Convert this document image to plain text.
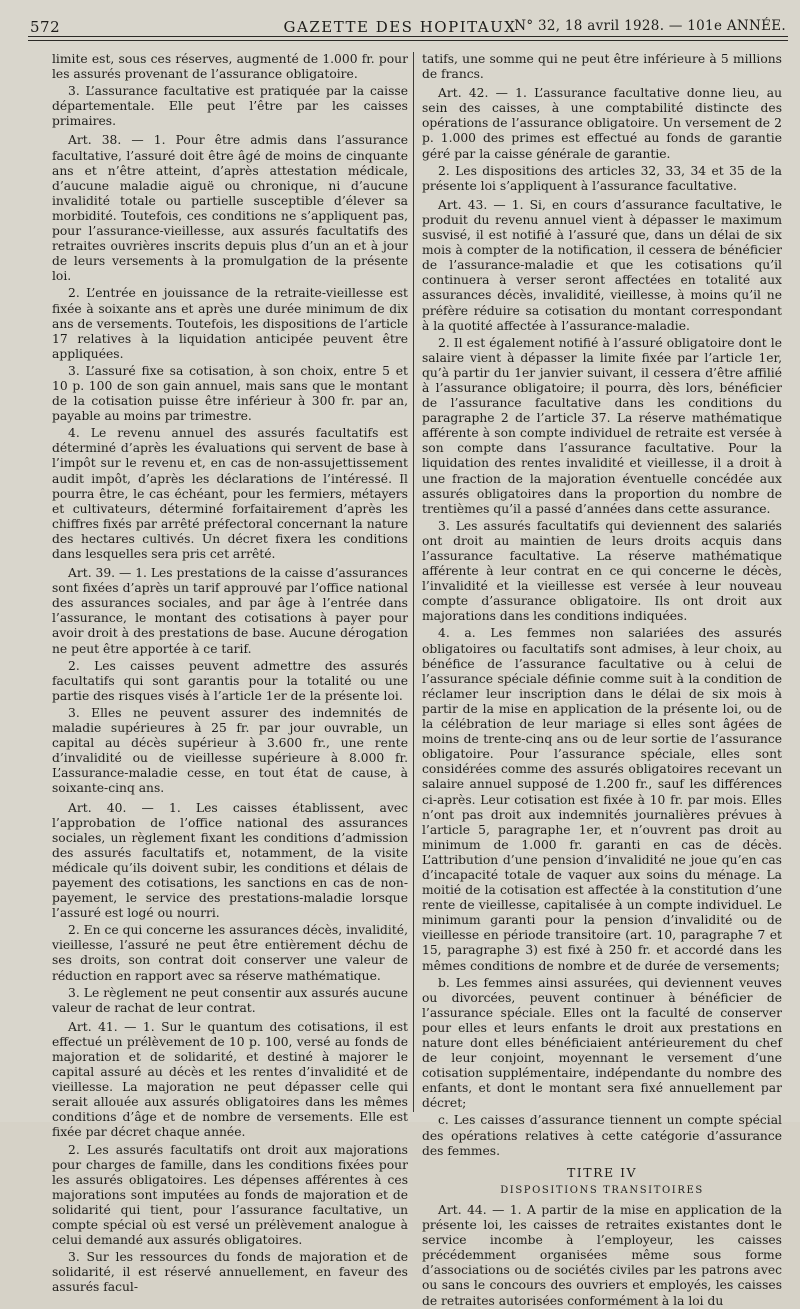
572	GAZETTE DES HOPITAUX
N° 32, 18 avril 1928. — 101e ANNÉE.

limite est, sous ces réserves, augmenté de 1.000 fr. pour les assurés provenant de l’assurance obligatoire.

3. L’assurance facultative est pratiquée par la caisse départementale. Elle peut l’être par les caisses primaires.

Art. 38. — 1. Pour être admis dans l’assurance facultative, l’assuré doit être âgé de moins de cinquante ans et n’être atteint, d’après attestation médicale, d’aucune maladie aiguë ou chronique, ni d’aucune invalidité totale ou partielle susceptible d’élever sa morbidité. Toutefois, ces conditions ne s’appliquent pas, pour l’assurance-vieillesse, aux assurés facultatifs des retraites ouvrières inscrits depuis plus d’un an et à jour de leurs versements à la promulgation de la présente loi.

2. L’entrée en jouissance de la retraite-vieillesse est fixée à soixante ans et après une durée minimum de dix ans de versements. Toutefois, les dispositions de l’article 17 relatives à la liquidation anticipée peuvent être appliquées.

3. L’assuré fixe sa cotisation, à son choix, entre 5 et 10 p. 100 de son gain annuel, mais sans que le montant de la cotisation puisse être inférieur à 300 fr. par an, payable au moins par trimestre.

4. Le revenu annuel des assurés facultatifs est déterminé d’après les évaluations qui servent de base à l’impôt sur le revenu et, en cas de non-assujettissement audit impôt, d’après les déclarations de l’intéressé. Il pourra être, le cas échéant, pour les fermiers, métayers et cultivateurs, déterminé forfaitairement d’après les chiffres fixés par arrêté préfectoral concernant la nature des hectares cultivés. Un décret fixera les conditions dans lesquelles sera pris cet arrêté.

Art. 39. — 1. Les prestations de la caisse d’assurances sont fixées d’après un tarif approuvé par l’office national des assurances sociales, and par âge à l’entrée dans l’assurance, le montant des cotisations à payer pour avoir droit à des prestations de base. Aucune dérogation ne peut être apportée à ce tarif.

2. Les caisses peuvent admettre des assurés facultatifs qui sont garantis pour la totalité ou une partie des risques visés à l’article 1er de la présente loi.

3. Elles ne peuvent assurer des indemnités de maladie supérieures à 25 fr. par jour ouvrable, un capital au décès supérieur à 3.600 fr., une rente d’invalidité ou de vieillesse supérieure à 8.000 fr. L’assurance-maladie cesse, en tout état de cause, à soixante-cinq ans.

Art. 40. — 1. Les caisses établissent, avec l’approbation de l’office national des assurances sociales, un règlement fixant les conditions d’admission des assurés facultatifs et, notamment, de la visite médicale qu’ils doivent subir, les conditions et délais de payement des cotisations, les sanctions en cas de non-payement, le service des prestations-maladie lorsque l’assuré est logé ou nourri.

2. En ce qui concerne les assurances décès, invalidité, vieillesse, l’assuré ne peut être entièrement déchu de ses droits, son contrat doit conserver une valeur de réduction en rapport avec sa réserve mathématique.

3. Le règlement ne peut consentir aux assurés aucune valeur de rachat de leur contrat.

Art. 41. — 1. Sur le quantum des cotisations, il est effectué un prélèvement de 10 p. 100, versé au fonds de majoration et de solidarité, et destiné à majorer le capital assuré au décès et les rentes d’invalidité et de vieillesse. La majoration ne peut dépasser celle qui serait allouée aux assurés obligatoires dans les mêmes conditions d’âge et de nombre de versements. Elle est fixée par décret chaque année.

2. Les assurés facultatifs ont droit aux majorations pour charges de famille, dans les conditions fixées pour les assurés obligatoires. Les dépenses afférentes à ces majorations sont imputées au fonds de majoration et de solidarité qui tient, pour l’assurance facultative, un compte spécial où est versé un prélèvement analogue à celui demandé aux assurés obligatoires.

3. Sur les ressources du fonds de majoration et de solidarité, il est réservé annuellement, en faveur des assurés facul-

tatifs, une somme qui ne peut être inférieure à 5 millions de francs.

Art. 42. — 1. L’assurance facultative donne lieu, au sein des caisses, à une comptabilité distincte des opérations de l’assurance obligatoire. Un versement de 2 p. 1.000 des primes est effectué au fonds de garantie géré par la caisse générale de garantie.

2. Les dispositions des articles 32, 33, 34 et 35 de la présente loi s’appliquent à l’assurance facultative.

Art. 43. — 1. Si, en cours d’assurance facultative, le produit du revenu annuel vient à dépasser le maximum susvisé, il est notifié à l’assuré que, dans un délai de six mois à compter de la notification, il cessera de bénéficier de l’assurance-maladie et que les cotisations qu’il continuera à verser seront affectées en totalité aux assurances décès, invalidité, vieillesse, à moins qu’il ne préfère réduire sa cotisation du montant correspondant à la quotité affectée à l’assurance-maladie.

2. Il est également notifié à l’assuré obligatoire dont le salaire vient à dépasser la limite fixée par l’article 1er, qu’à partir du 1er janvier suivant, il cessera d’être affilié à l’assurance obligatoire; il pourra, dès lors, bénéficier de l’assurance facultative dans les conditions du paragraphe 2 de l’article 37. La réserve mathématique afférente à son compte individuel de retraite est versée à son compte dans l’assurance facultative. Pour la liquidation des rentes invalidité et vieillesse, il a droit à une fraction de la majoration éventuelle concédée aux assurés obligatoires dans la proportion du nombre de trentièmes qu’il a passé d’années dans cette assurance.

3. Les assurés facultatifs qui deviennent des salariés ont droit au maintien de leurs droits acquis dans l’assurance facultative. La réserve mathématique afférente à leur contrat en ce qui concerne le décès, l’invalidité et la vieillesse est versée à leur nouveau compte d’assurance obligatoire. Ils ont droit aux majorations dans les conditions indiquées.

4. a. Les femmes non salariées des assurés obligatoires ou facultatifs sont admises, à leur choix, au bénéfice de l’assurance facultative ou à celui de l’assurance spéciale définie comme suit à la condition de réclamer leur inscription dans le délai de six mois à partir de la mise en application de la présente loi, ou de la célébration de leur mariage si elles sont âgées de moins de trente-cinq ans ou de leur sortie de l’assurance obligatoire. Pour l’assurance spéciale, elles sont considérées comme des assurés obligatoires recevant un salaire annuel supposé de 1.200 fr., sauf les différences ci-après. Leur cotisation est fixée à 10 fr. par mois. Elles n’ont pas droit aux indemnités journalières prévues à l’article 5, paragraphe 1er, et n’ouvrent pas droit au minimum de 1.000 fr. garanti en cas de décès. L’attribution d’une pension d’invalidité ne joue qu’en cas d’incapacité totale de vaquer aux soins du ménage. La moitié de la cotisation est affectée à la constitution d’une rente de vieillesse, capitalisée à un compte individuel. Le minimum garanti pour la pension d’invalidité ou de vieillesse en période transitoire (art. 10, paragraphe 7 et 15, paragraphe 3) est fixé à 250 fr. et accordé dans les mêmes conditions de nombre et de durée de versements;

b. Les femmes ainsi assurées, qui deviennent veuves ou divorcées, peuvent continuer à bénéficier de l’assurance spéciale. Elles ont la faculté de conserver pour elles et leurs enfants le droit aux prestations en nature dont elles bénéficiaient antérieurement du chef de leur conjoint, moyennant le versement d’une cotisation supplémentaire, indépendante du nombre des enfants, et dont le montant sera fixé annuellement par décret;

c. Les caisses d’assurance tiennent un compte spécial des opérations relatives à cette catégorie d’assurance des femmes.

TITRE IV
DISPOSITIONS TRANSITOIRES

Art. 44. — 1. A partir de la mise en application de la présente loi, les caisses de retraites existantes dont le service incombe à l’employeur, les caisses précédemment organisées même sous forme d’associations ou de sociétés civiles par les patrons avec ou sans le concours des ouvriers et employés, les caisses de retraites autorisées conformément à la loi du
